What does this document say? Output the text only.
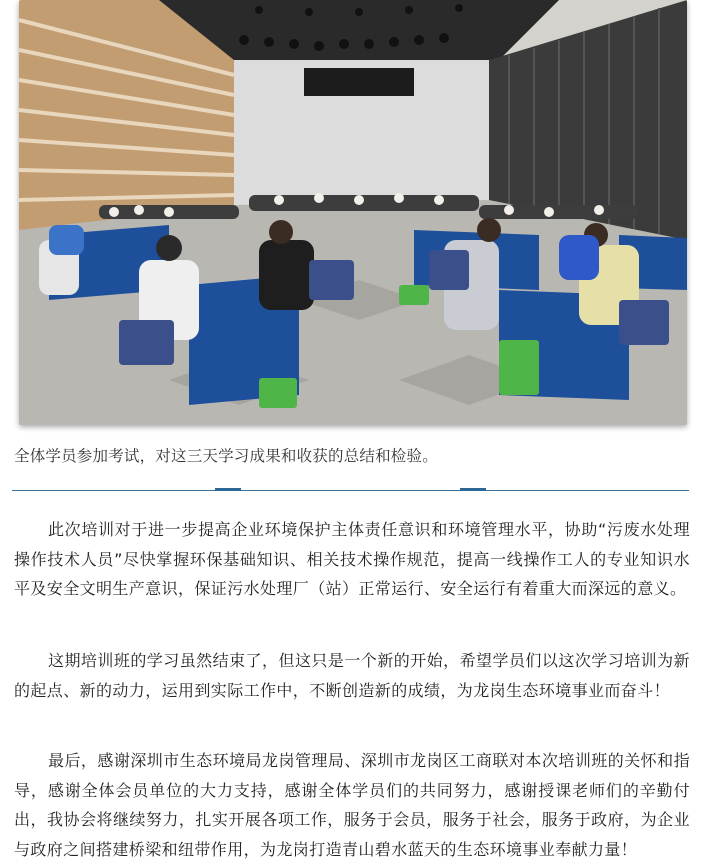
全体学员参加考试，对这三天学习成果和收获的总结和检验。

此次培训对于进一步提高企业环境保护主体责任意识和环境管理水平，协助“污废水处理操作技术人员”尽快掌握环保基础知识、相关技术操作规范，提高一线操作工人的专业知识水平及安全文明生产意识，保证污水处理厂（站）正常运行、安全运行有着重大而深远的意义。

这期培训班的学习虽然结束了，但这只是一个新的开始，希望学员们以这次学习培训为新的起点、新的动力，运用到实际工作中，不断创造新的成绩，为龙岗生态环境事业而奋斗！

最后，感谢深圳市生态环境局龙岗管理局、深圳市龙岗区工商联对本次培训班的关怀和指导，感谢全体会员单位的大力支持，感谢全体学员们的共同努力，感谢授课老师们的辛勤付出，我协会将继续努力，扎实开展各项工作，服务于会员，服务于社会，服务于政府，为企业与政府之间搭建桥梁和纽带作用，为龙岗打造青山碧水蓝天的生态环境事业奉献力量！
